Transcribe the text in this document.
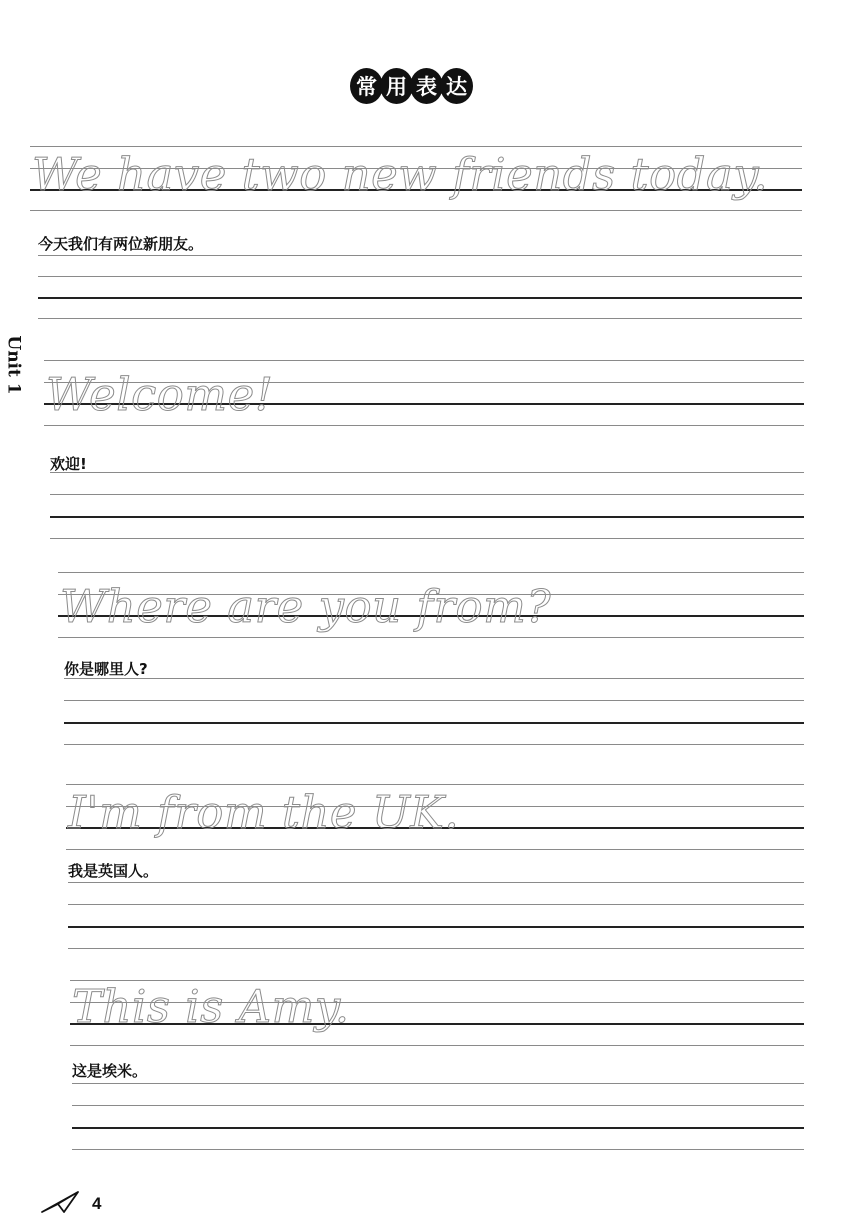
常 用 表 达
Unit 1
We have two new friends today.
今天我们有两位新朋友。
Welcome!
欢迎!
Where are you from?
你是哪里人?
I'm from the UK.
我是英国人。
This is Amy.
这是埃米。
4
